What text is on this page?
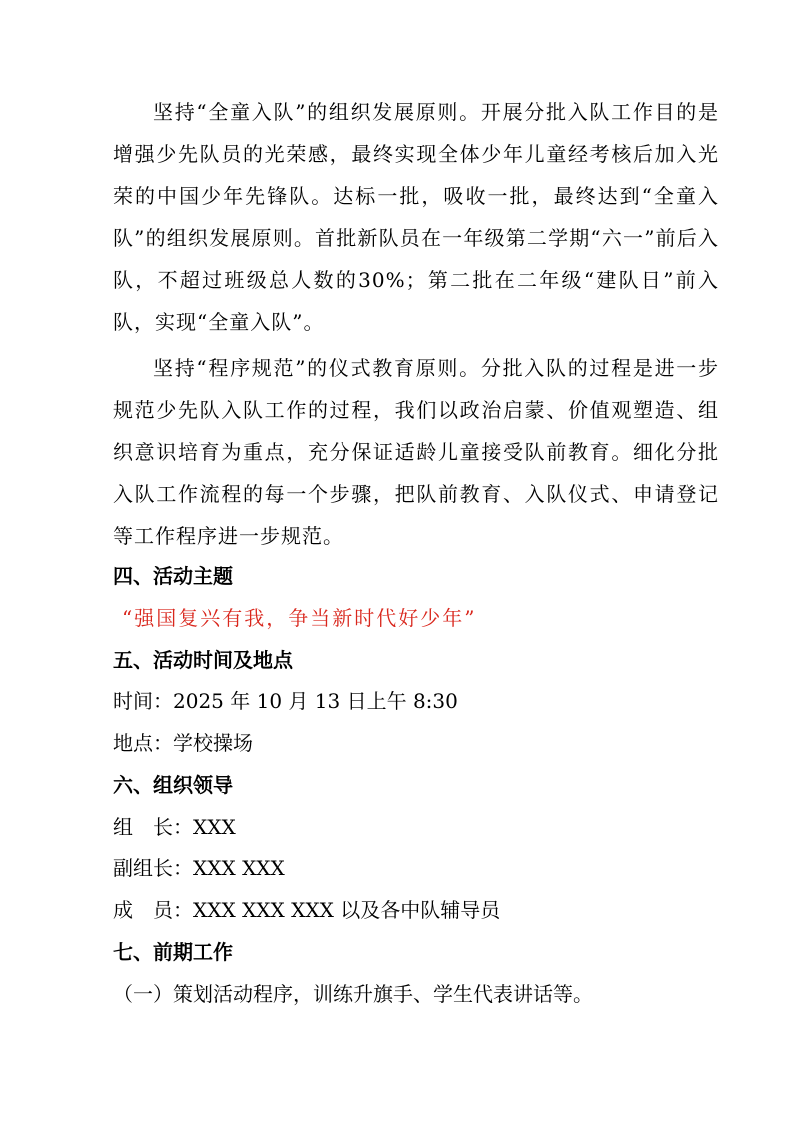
坚持“全童入队”的组织发展原则。开展分批入队工作目的是增强少先队员的光荣感，最终实现全体少年儿童经考核后加入光荣的中国少年先锋队。达标一批，吸收一批，最终达到“全童入队”的组织发展原则。首批新队员在一年级第二学期“六一”前后入队，不超过班级总人数的30%；第二批在二年级“建队日”前入队，实现“全童入队”。

坚持“程序规范”的仪式教育原则。分批入队的过程是进一步规范少先队入队工作的过程，我们以政治启蒙、价值观塑造、组织意识培育为重点，充分保证适龄儿童接受队前教育。细化分批入队工作流程的每一个步骤，把队前教育、入队仪式、申请登记等工作程序进一步规范。

四、活动主题
“强国复兴有我，争当新时代好少年”
五、活动时间及地点
时间：2025 年 10 月 13 日上午 8:30
地点：学校操场
六、组织领导
组　长：XXX
副组长：XXX XXX
成　员：XXX XXX XXX 以及各中队辅导员
七、前期工作
（一）策划活动程序，训练升旗手、学生代表讲话等。
